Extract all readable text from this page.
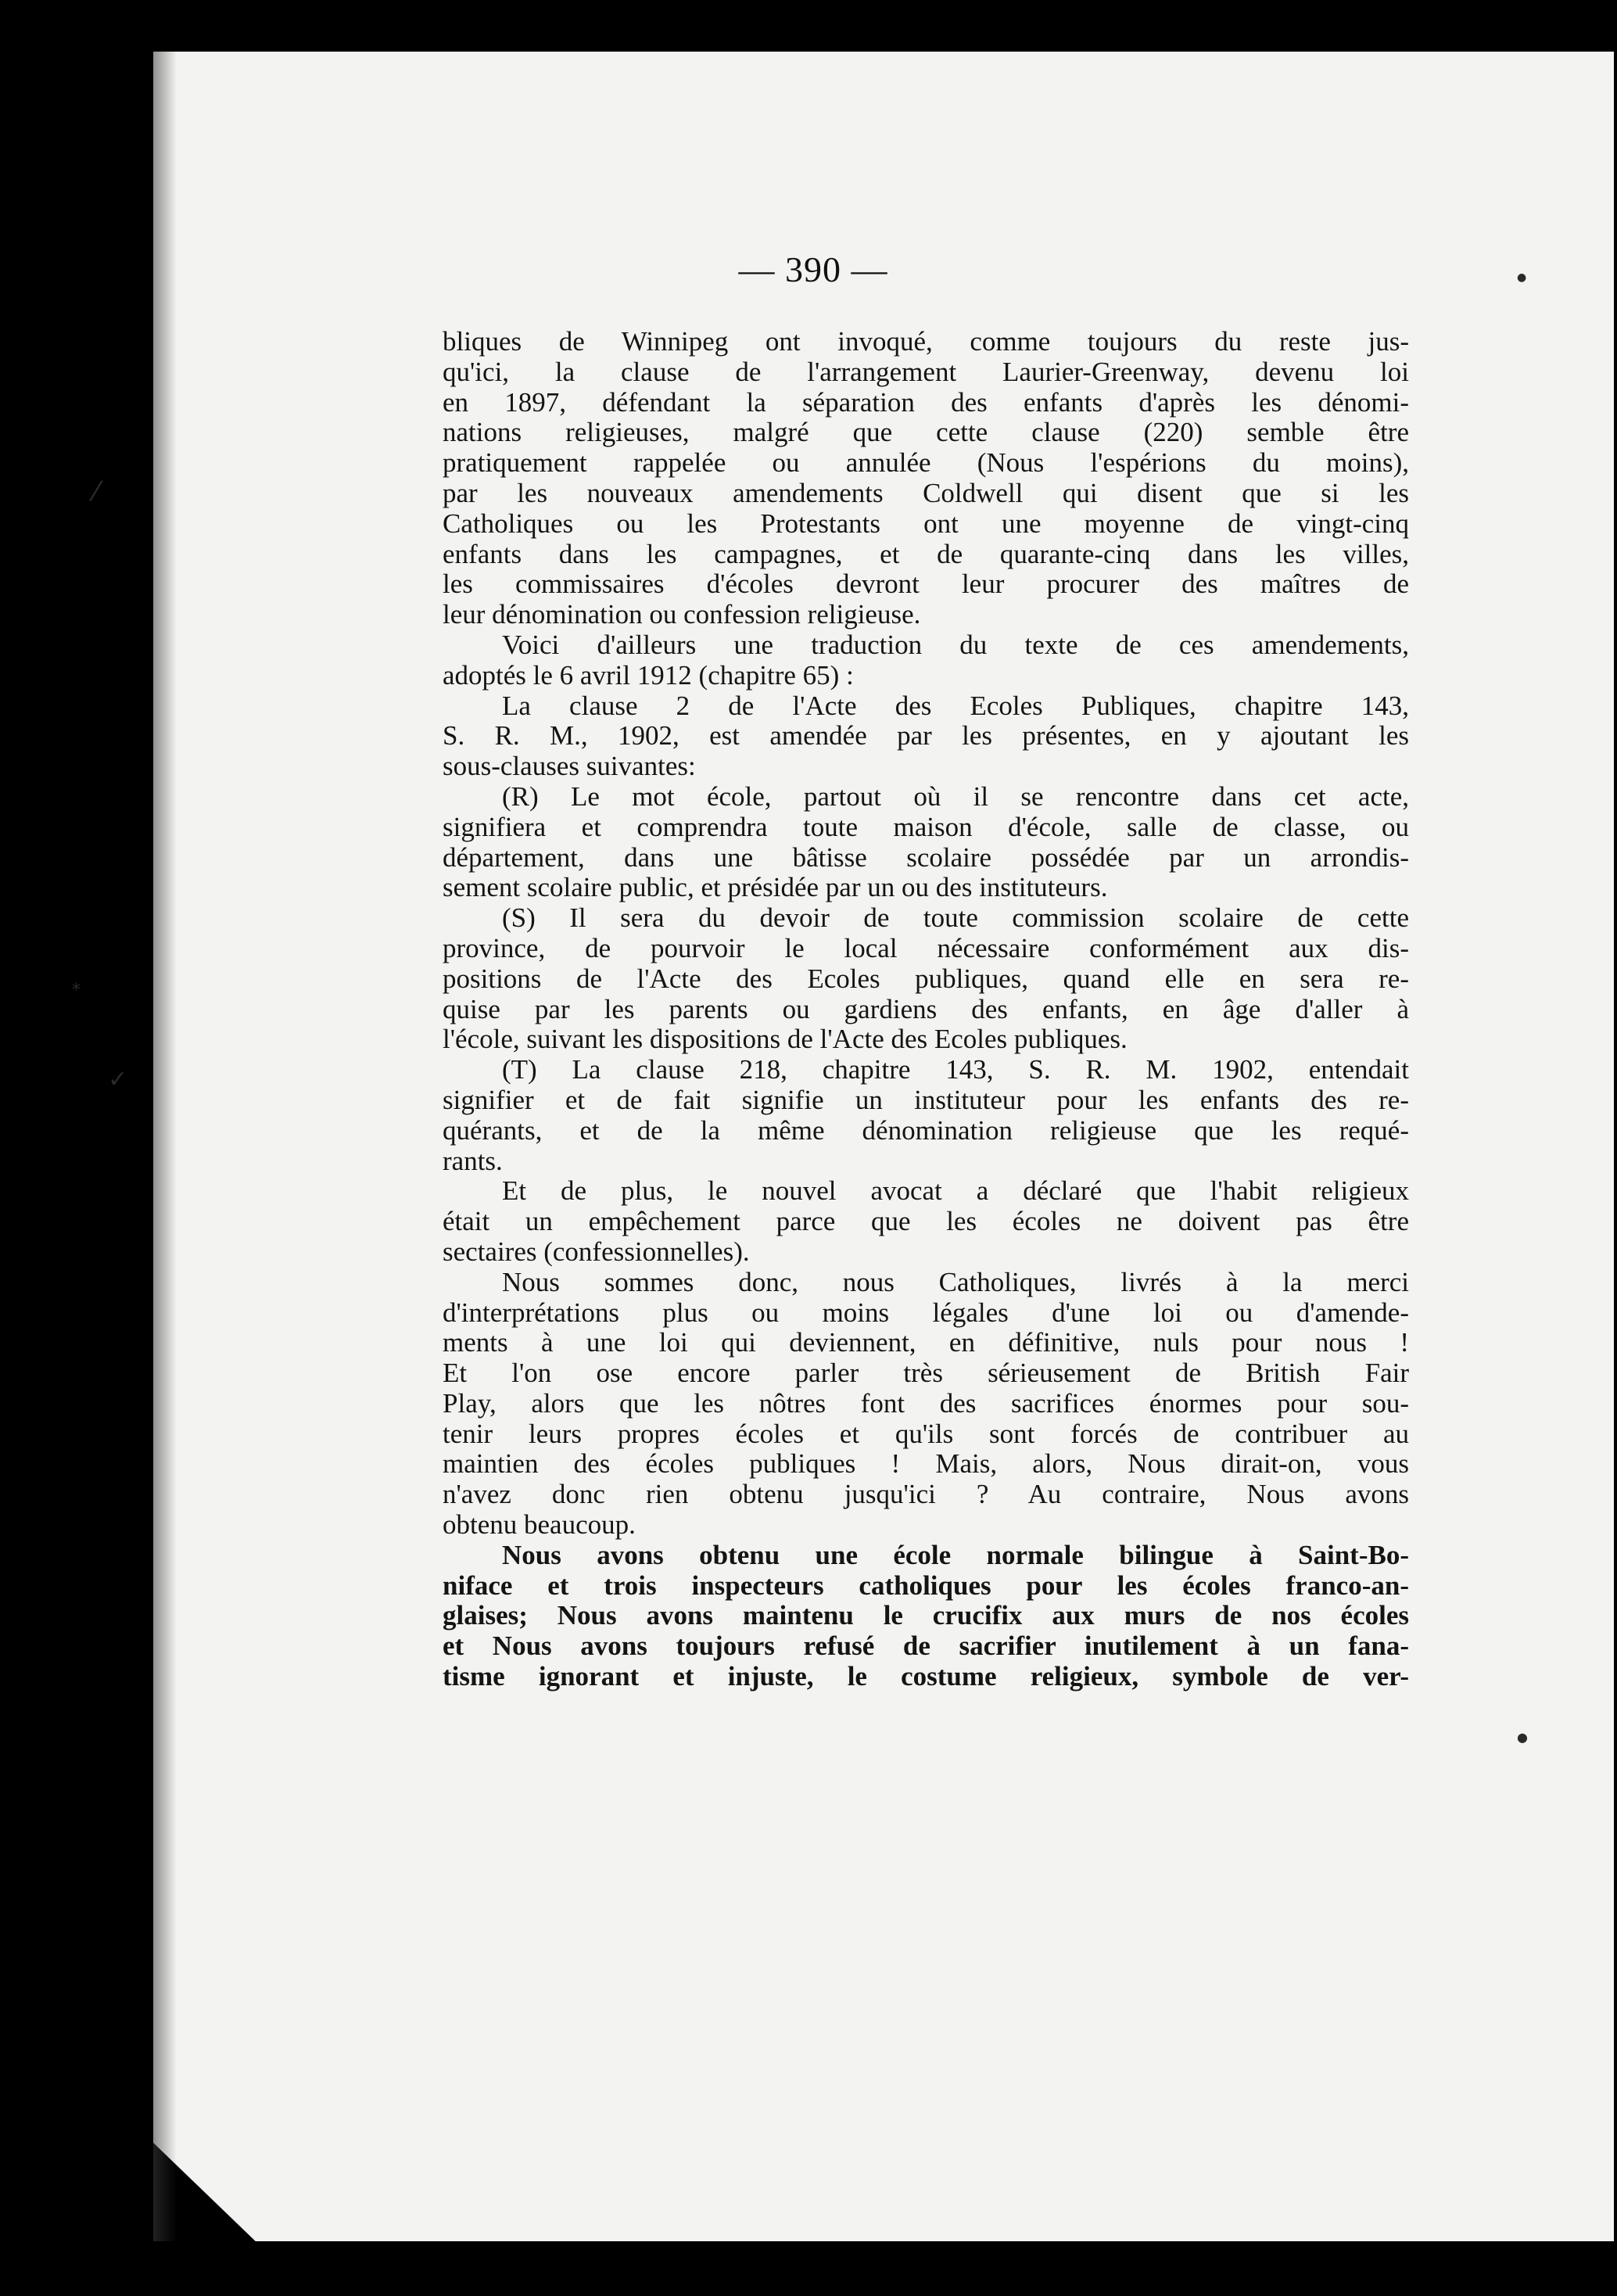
⁄
*
✓
●
●
— 390 —
bliques de Winnipeg ont invoqué, comme toujours du reste jus-
qu'ici, la clause de l'arrangement Laurier-Greenway, devenu loi
en 1897, défendant la séparation des enfants d'après les dénomi-
nations religieuses, malgré que cette clause (220) semble être
pratiquement rappelée ou annulée (Nous l'espérions du moins),
par les nouveaux amendements Coldwell qui disent que si les
Catholiques ou les Protestants ont une moyenne de vingt-cinq
enfants dans les campagnes, et de quarante-cinq dans les villes,
les commissaires d'écoles devront leur procurer des maîtres de
leur dénomination ou confession religieuse.
Voici d'ailleurs une traduction du texte de ces amendements,
adoptés le 6 avril 1912 (chapitre 65) :
La clause 2 de l'Acte des Ecoles Publiques, chapitre 143,
S. R. M., 1902, est amendée par les présentes, en y ajoutant les
sous-clauses suivantes:
(R) Le mot école, partout où il se rencontre dans cet acte,
signifiera et comprendra toute maison d'école, salle de classe, ou
département, dans une bâtisse scolaire possédée par un arrondis-
sement scolaire public, et présidée par un ou des instituteurs.
(S) Il sera du devoir de toute commission scolaire de cette
province, de pourvoir le local nécessaire conformément aux dis-
positions de l'Acte des Ecoles publiques, quand elle en sera re-
quise par les parents ou gardiens des enfants, en âge d'aller à
l'école, suivant les dispositions de l'Acte des Ecoles publiques.
(T) La clause 218, chapitre 143, S. R. M. 1902, entendait
signifier et de fait signifie un instituteur pour les enfants des re-
quérants, et de la même dénomination religieuse que les requé-
rants.
Et de plus, le nouvel avocat a déclaré que l'habit religieux
était un empêchement parce que les écoles ne doivent pas être
sectaires (confessionnelles).
Nous sommes donc, nous Catholiques, livrés à la merci
d'interprétations plus ou moins légales d'une loi ou d'amende-
ments à une loi qui deviennent, en définitive, nuls pour nous !
Et l'on ose encore parler très sérieusement de British Fair
Play, alors que les nôtres font des sacrifices énormes pour sou-
tenir leurs propres écoles et qu'ils sont forcés de contribuer au
maintien des écoles publiques ! Mais, alors, Nous dirait-on, vous
n'avez donc rien obtenu jusqu'ici ? Au contraire, Nous avons
obtenu beaucoup.
Nous avons obtenu une école normale bilingue à Saint-Bo-
niface et trois inspecteurs catholiques pour les écoles franco-an-
glaises; Nous avons maintenu le crucifix aux murs de nos écoles
et Nous avons toujours refusé de sacrifier inutilement à un fana-
tisme ignorant et injuste, le costume religieux, symbole de ver-
